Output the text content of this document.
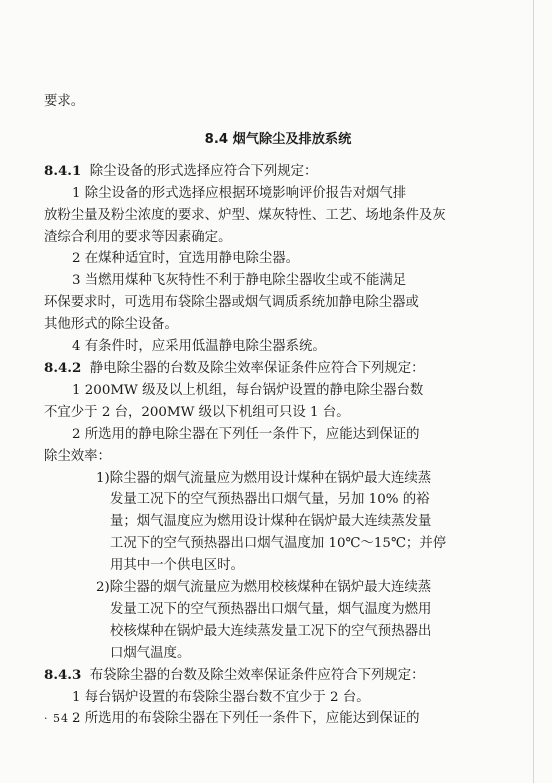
要求。

8.4 烟气除尘及排放系统

8.4.1 除尘设备的形式选择应符合下列规定：

1 除尘设备的形式选择应根据环境影响评价报告对烟气排

放粉尘量及粉尘浓度的要求、炉型、煤灰特性、工艺、场地条件及灰

渣综合利用的要求等因素确定。

2 在煤种适宜时，宜选用静电除尘器。

3 当燃用煤种飞灰特性不利于静电除尘器收尘或不能满足

环保要求时，可选用布袋除尘器或烟气调质系统加静电除尘器或

其他形式的除尘设备。

4 有条件时，应采用低温静电除尘器系统。

8.4.2 静电除尘器的台数及除尘效率保证条件应符合下列规定：

1 200MW 级及以上机组，每台锅炉设置的静电除尘器台数

不宜少于 2 台，200MW 级以下机组可只设 1 台。

2 所选用的静电除尘器在下列任一条件下，应能达到保证的

除尘效率：

1)除尘器的烟气流量应为燃用设计煤种在锅炉最大连续蒸

发量工况下的空气预热器出口烟气量，另加 10% 的裕

量；烟气温度应为燃用设计煤种在锅炉最大连续蒸发量

工况下的空气预热器出口烟气温度加 10℃～15℃；并停

用其中一个供电区时。

2)除尘器的烟气流量应为燃用校核煤种在锅炉最大连续蒸

发量工况下的空气预热器出口烟气量，烟气温度为燃用

校核煤种在锅炉最大连续蒸发量工况下的空气预热器出

口烟气温度。

8.4.3 布袋除尘器的台数及除尘效率保证条件应符合下列规定：

1 每台锅炉设置的布袋除尘器台数不宜少于 2 台。

2 所选用的布袋除尘器在下列任一条件下，应能达到保证的

· 54 ·
